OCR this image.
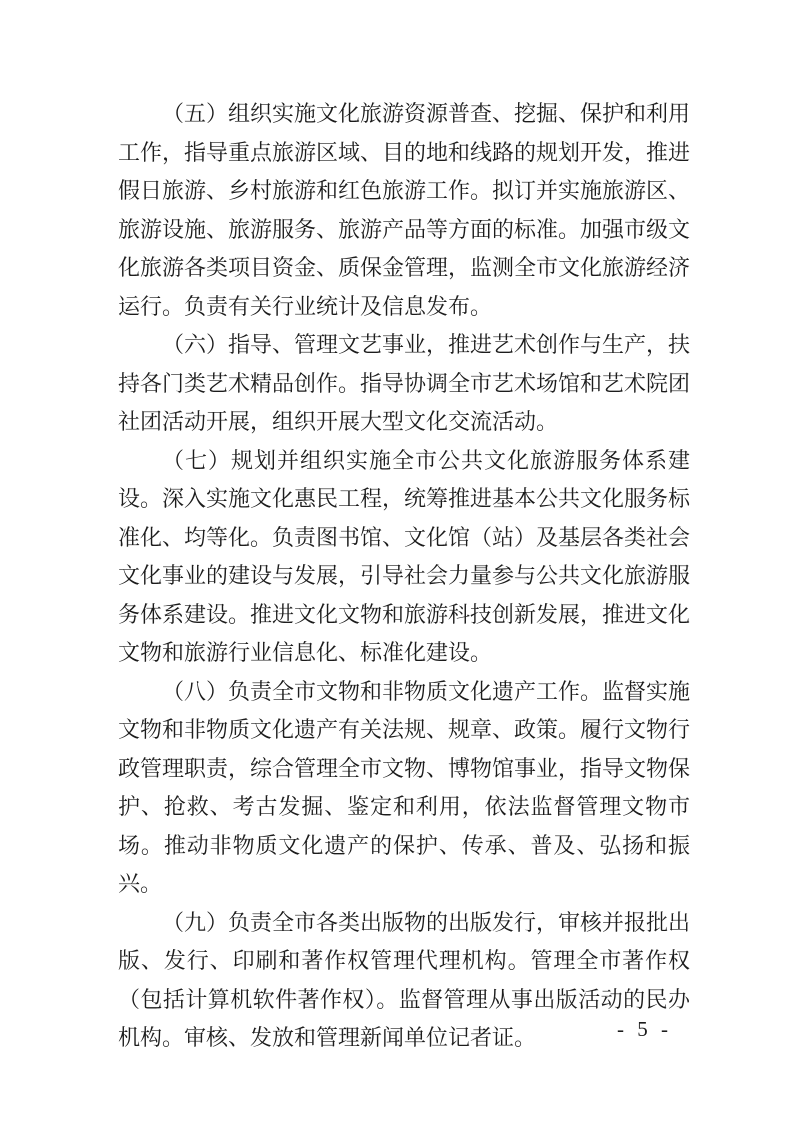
（五）组织实施文化旅游资源普查、挖掘、保护和利用工作，指导重点旅游区域、目的地和线路的规划开发，推进假日旅游、乡村旅游和红色旅游工作。拟订并实施旅游区、旅游设施、旅游服务、旅游产品等方面的标准。加强市级文化旅游各类项目资金、质保金管理，监测全市文化旅游经济运行。负责有关行业统计及信息发布。

（六）指导、管理文艺事业，推进艺术创作与生产，扶持各门类艺术精品创作。指导协调全市艺术场馆和艺术院团社团活动开展，组织开展大型文化交流活动。

（七）规划并组织实施全市公共文化旅游服务体系建设。深入实施文化惠民工程，统筹推进基本公共文化服务标准化、均等化。负责图书馆、文化馆（站）及基层各类社会文化事业的建设与发展，引导社会力量参与公共文化旅游服务体系建设。推进文化文物和旅游科技创新发展，推进文化文物和旅游行业信息化、标准化建设。

（八）负责全市文物和非物质文化遗产工作。监督实施文物和非物质文化遗产有关法规、规章、政策。履行文物行政管理职责，综合管理全市文物、博物馆事业，指导文物保护、抢救、考古发掘、鉴定和利用，依法监督管理文物市场。推动非物质文化遗产的保护、传承、普及、弘扬和振兴。

（九）负责全市各类出版物的出版发行，审核并报批出版、发行、印刷和著作权管理代理机构。管理全市著作权（包括计算机软件著作权）。监督管理从事出版活动的民办机构。审核、发放和管理新闻单位记者证。	- 5 -
